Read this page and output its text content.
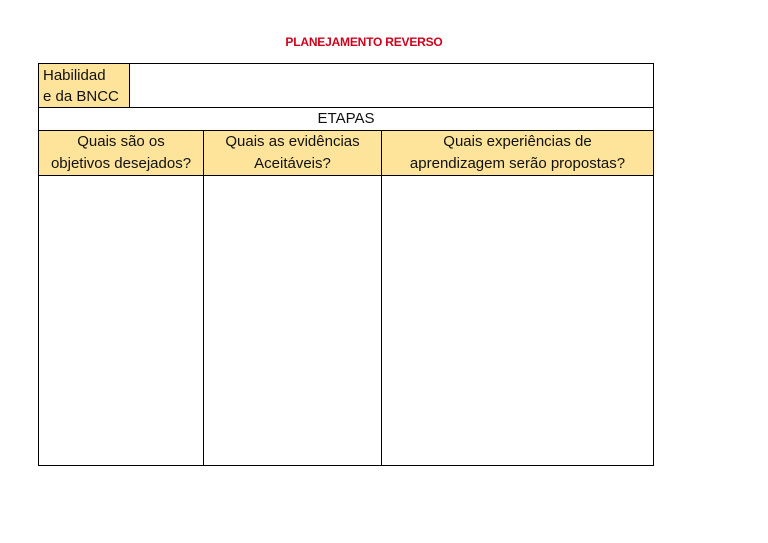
PLANEJAMENTO REVERSO
Habilidad
e da BNCC
ETAPAS
Quais são os
objetivos desejados?
Quais as evidências
Aceitáveis?
Quais experiências de
aprendizagem serão propostas?
